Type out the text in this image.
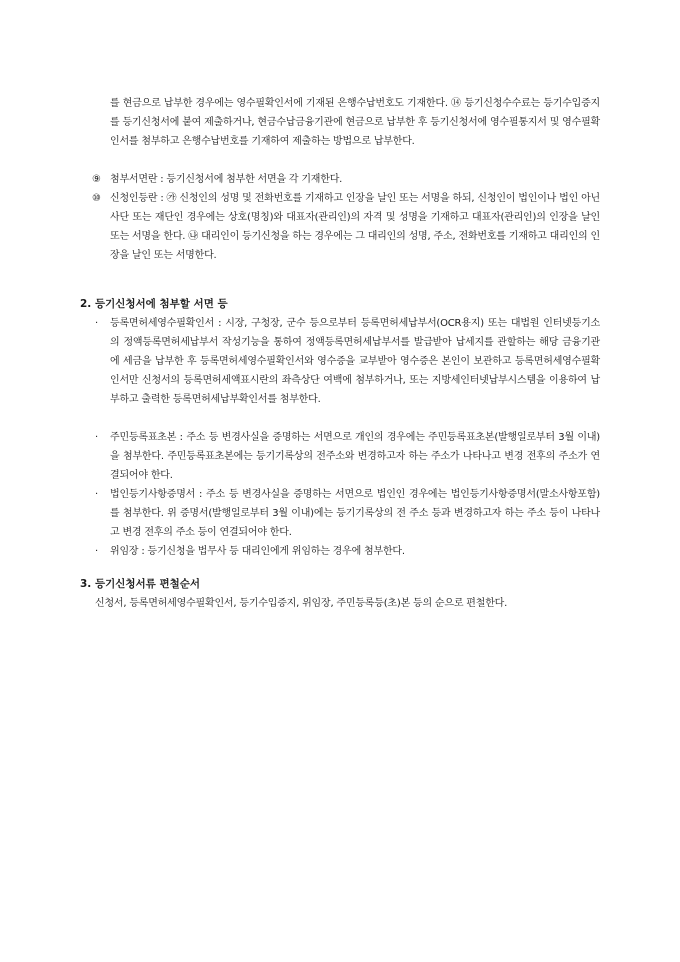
를 현금으로 납부한 경우에는 영수필확인서에 기재된 은행수납번호도 기재한다. ⑭ 등기신청수수료는 등기수입증지를 등기신청서에 붙여 제출하거나, 현금수납금융기관에 현금으로 납부한 후 등기신청서에 영수필통지서 및 영수필확인서를 첨부하고 은행수납번호를 기재하여 제출하는 방법으로 납부한다.

⑨ 첨부서면란 : 등기신청서에 첨부한 서면을 각 기재한다.

⑩ 신청인등란 : ㉮ 신청인의 성명 및 전화번호를 기재하고 인장을 날인 또는 서명을 하되, 신청인이 법인이나 법인 아닌 사단 또는 재단인 경우에는 상호(명칭)와 대표자(관리인)의 자격 및 성명을 기재하고 대표자(관리인)의 인장을 날인 또는 서명을 한다. ㉯ 대리인이 등기신청을 하는 경우에는 그 대리인의 성명, 주소, 전화번호를 기재하고 대리인의 인장을 날인 또는 서명한다.

2. 등기신청서에 첨부할 서면 등
· 등록면허세영수필확인서 : 시장, 구청장, 군수 등으로부터 등록면허세납부서(OCR용지) 또는 대법원 인터넷등기소의 정액등록면허세납부서 작성기능을 통하여 정액등록면허세납부서를 발급받아 납세지를 관할하는 해당 금융기관에 세금을 납부한 후 등록면허세영수필확인서와 영수증을 교부받아 영수증은 본인이 보관하고 등록면허세영수필확인서만 신청서의 등록면허세액표시란의 좌측상단 여백에 첨부하거나, 또는 지방세인터넷납부시스템을 이용하여 납부하고 출력한 등록면허세납부확인서를 첨부한다.

· 주민등록표초본 : 주소 등 변경사실을 증명하는 서면으로 개인의 경우에는 주민등록표초본(발행일로부터 3월 이내)을 첨부한다. 주민등록표초본에는 등기기록상의 전주소와 변경하고자 하는 주소가 나타나고 변경 전후의 주소가 연결되어야 한다.

· 법인등기사항증명서 : 주소 등 변경사실을 증명하는 서면으로 법인인 경우에는 법인등기사항증명서(말소사항포함)를 첨부한다. 위 증명서(발행일로부터 3월 이내)에는 등기기록상의 전 주소 등과 변경하고자 하는 주소 등이 나타나고 변경 전후의 주소 등이 연결되어야 한다.

· 위임장 : 등기신청을 법무사 등 대리인에게 위임하는 경우에 첨부한다.

3. 등기신청서류 편철순서

신청서, 등록면허세영수필확인서, 등기수입증지, 위임장, 주민등록등(초)본 등의 순으로 편철한다.
